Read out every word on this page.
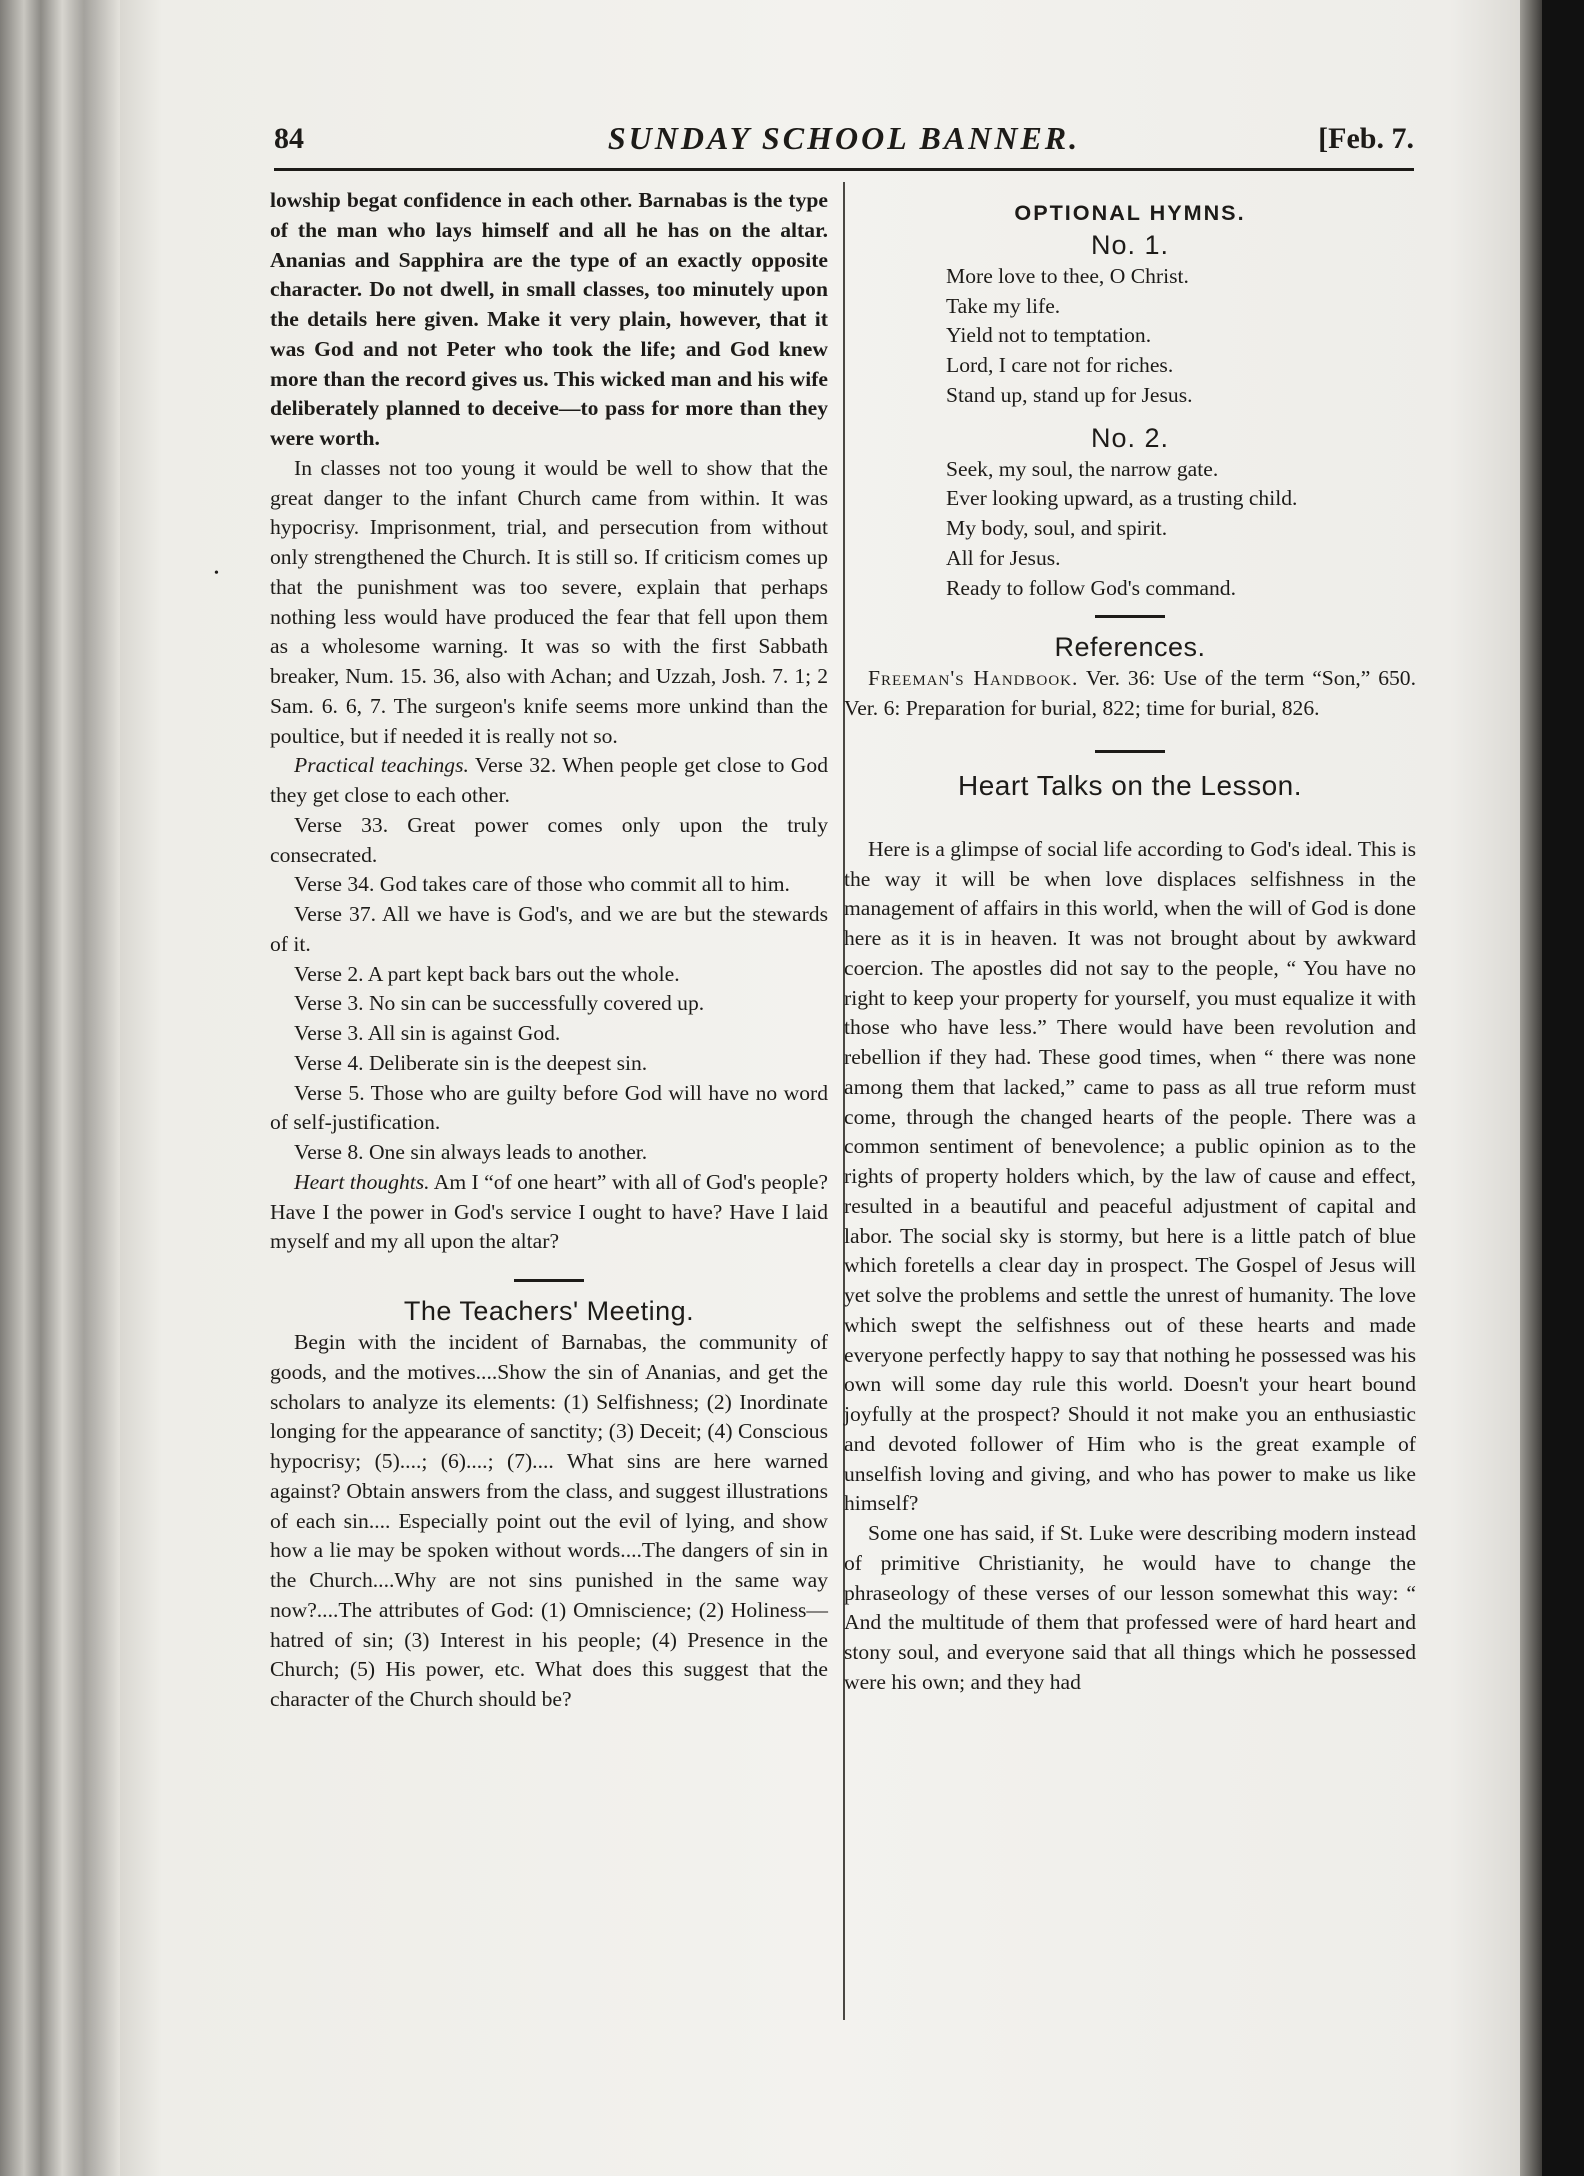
•
84	SUNDAY SCHOOL BANNER.	[Feb. 7.

lowship begat confidence in each other. Barnabas is the type of the man who lays himself and all he has on the altar. Ananias and Sapphira are the type of an exactly opposite character. Do not dwell, in small classes, too minutely upon the details here given. Make it very plain, however, that it was God and not Peter who took the life; and God knew more than the record gives us. This wicked man and his wife deliberately planned to deceive—to pass for more than they were worth.

In classes not too young it would be well to show that the great danger to the infant Church came from within. It was hypocrisy. Imprisonment, trial, and persecution from without only strengthened the Church. It is still so. If criticism comes up that the punishment was too severe, explain that perhaps nothing less would have produced the fear that fell upon them as a wholesome warning. It was so with the first Sabbath breaker, Num. 15. 36, also with Achan; and Uzzah, Josh. 7. 1; 2 Sam. 6. 6, 7. The surgeon's knife seems more unkind than the poultice, but if needed it is really not so.

Practical teachings. Verse 32. When people get close to God they get close to each other.

Verse 33. Great power comes only upon the truly consecrated.

Verse 34. God takes care of those who commit all to him.

Verse 37. All we have is God's, and we are but the stewards of it.

Verse 2. A part kept back bars out the whole.

Verse 3. No sin can be successfully covered up.

Verse 3. All sin is against God.

Verse 4. Deliberate sin is the deepest sin.

Verse 5. Those who are guilty before God will have no word of self-justification.

Verse 8. One sin always leads to another.

Heart thoughts. Am I “of one heart” with all of God's people? Have I the power in God's service I ought to have? Have I laid myself and my all upon the altar?

The Teachers' Meeting.

Begin with the incident of Barnabas, the community of goods, and the motives....Show the sin of Ananias, and get the scholars to analyze its elements: (1) Selfishness; (2) Inordinate longing for the appearance of sanctity; (3) Deceit; (4) Conscious hypocrisy; (5)....; (6)....; (7).... What sins are here warned against? Obtain answers from the class, and suggest illustrations of each sin.... Especially point out the evil of lying, and show how a lie may be spoken without words....The dangers of sin in the Church....Why are not sins punished in the same way now?....The attributes of God: (1) Omniscience; (2) Holiness—hatred of sin; (3) Interest in his people; (4) Presence in the Church; (5) His power, etc. What does this suggest that the character of the Church should be?

OPTIONAL HYMNS.
No. 1.
More love to thee, O Christ.
Take my life.
Yield not to temptation.
Lord, I care not for riches.
Stand up, stand up for Jesus.
No. 2.
Seek, my soul, the narrow gate.
Ever looking upward, as a trusting child.
My body, soul, and spirit.
All for Jesus.
Ready to follow God's command.
References.

Freeman's Handbook. Ver. 36: Use of the term “Son,” 650. Ver. 6: Preparation for burial, 822; time for burial, 826.

Heart Talks on the Lesson.

Here is a glimpse of social life according to God's ideal. This is the way it will be when love displaces selfishness in the management of affairs in this world, when the will of God is done here as it is in heaven. It was not brought about by awkward coercion. The apostles did not say to the people, “ You have no right to keep your property for yourself, you must equalize it with those who have less.” There would have been revolution and rebellion if they had. These good times, when “ there was none among them that lacked,” came to pass as all true reform must come, through the changed hearts of the people. There was a common sentiment of benevolence; a public opinion as to the rights of property holders which, by the law of cause and effect, resulted in a beautiful and peaceful adjustment of capital and labor. The social sky is stormy, but here is a little patch of blue which foretells a clear day in prospect. The Gospel of Jesus will yet solve the problems and settle the unrest of humanity. The love which swept the selfishness out of these hearts and made everyone perfectly happy to say that nothing he possessed was his own will some day rule this world. Doesn't your heart bound joyfully at the prospect? Should it not make you an enthusiastic and devoted follower of Him who is the great example of unselfish loving and giving, and who has power to make us like himself?

Some one has said, if St. Luke were describing modern instead of primitive Christianity, he would have to change the phraseology of these verses of our lesson somewhat this way: “ And the multitude of them that professed were of hard heart and stony soul, and everyone said that all things which he possessed were his own; and they had
